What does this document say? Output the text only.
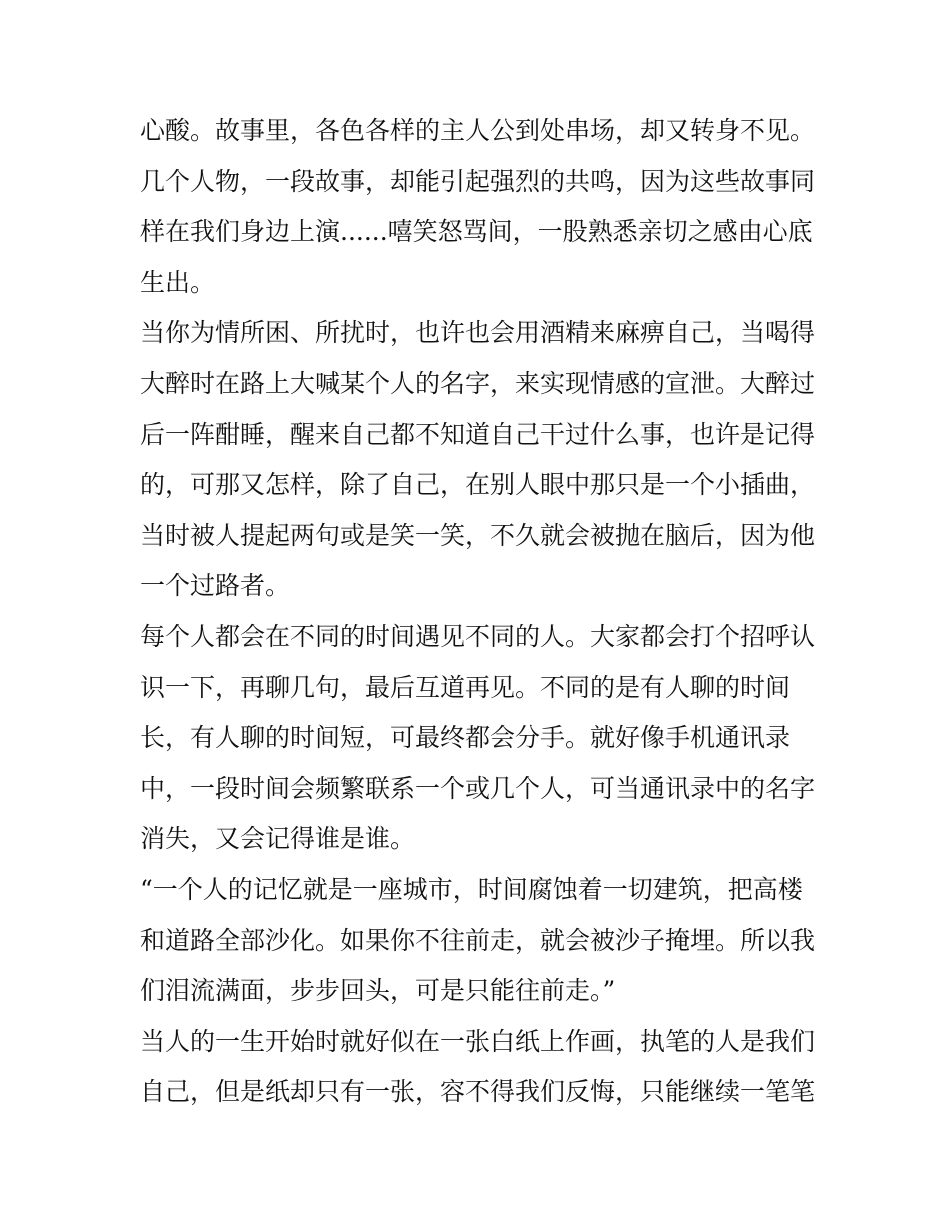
心酸。故事里，各色各样的主人公到处串场，却又转身不见。
几个人物，一段故事，却能引起强烈的共鸣，因为这些故事同
样在我们身边上演......嘻笑怒骂间，一股熟悉亲切之感由心底
生出。
当你为情所困、所扰时，也许也会用酒精来麻痹自己，当喝得
大醉时在路上大喊某个人的名字，来实现情感的宣泄。大醉过
后一阵酣睡，醒来自己都不知道自己干过什么事，也许是记得
的，可那又怎样，除了自己，在别人眼中那只是一个小插曲，
当时被人提起两句或是笑一笑，不久就会被抛在脑后，因为他
一个过路者。
每个人都会在不同的时间遇见不同的人。大家都会打个招呼认
识一下，再聊几句，最后互道再见。不同的是有人聊的时间
长，有人聊的时间短，可最终都会分手。就好像手机通讯录
中，一段时间会频繁联系一个或几个人，可当通讯录中的名字
消失，又会记得谁是谁。
“一个人的记忆就是一座城市，时间腐蚀着一切建筑，把高楼
和道路全部沙化。如果你不往前走，就会被沙子掩埋。所以我
们泪流满面，步步回头，可是只能往前走。”
当人的一生开始时就好似在一张白纸上作画，执笔的人是我们
自己，但是纸却只有一张，容不得我们反悔，只能继续一笔笔
